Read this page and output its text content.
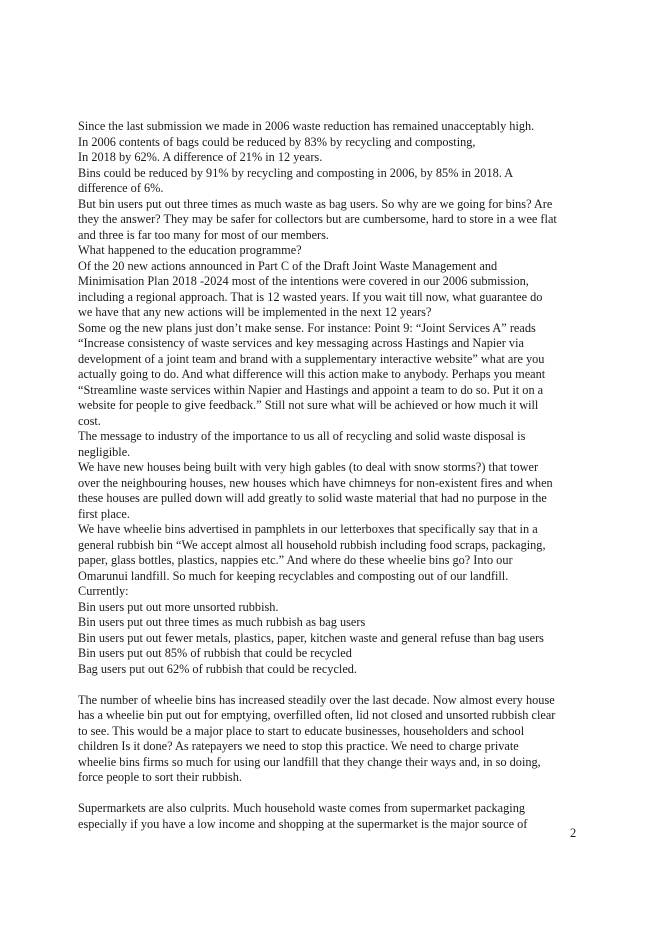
Since the last submission we made in 2006 waste reduction has remained unacceptably high.
In 2006 contents of bags could be reduced by 83% by recycling and composting,
In 2018 by 62%. A difference of 21% in 12 years.
Bins could be reduced by 91% by recycling and composting in 2006, by 85% in 2018. A
difference of 6%.
But bin users put out three times as much waste as bag users. So why are we going for bins? Are
they the answer? They may be safer for collectors but are cumbersome, hard to store in a wee flat
and three is far too many for most of our members.
What happened to the education programme?
Of the 20 new actions announced in Part C of the Draft Joint Waste Management and
Minimisation Plan 2018 -2024 most of the intentions were covered in our 2006 submission,
including a regional approach. That is 12 wasted years. If you wait till now, what guarantee do
we have that any new actions will be implemented in the next 12 years?
Some og the new plans just don’t make sense. For instance: Point 9: “Joint Services A” reads
“Increase consistency of waste services and key messaging across Hastings and Napier via
development of a joint team and brand with a supplementary interactive website” what are you
actually going to do. And what difference will this action make to anybody. Perhaps you meant
“Streamline waste services within Napier and Hastings and appoint a team to do so. Put it on a
website for people to give feedback.” Still not sure what will be achieved or how much it will
cost.
The message to industry of the importance to us all of recycling and solid waste disposal is
negligible.
We have new houses being built with very high gables (to deal with snow storms?) that tower
over the neighbouring houses, new houses which have chimneys for non-existent fires and when
these houses are pulled down will add greatly to solid waste material that had no purpose in the
first place.
We have wheelie bins advertised in pamphlets in our letterboxes that specifically say that in a
general rubbish bin “We accept almost all household rubbish including food scraps, packaging,
paper, glass bottles, plastics, nappies etc.” And where do these wheelie bins go? Into our
Omarunui landfill. So much for keeping recyclables and composting out of our landfill.
Currently:
Bin users put out more unsorted rubbish.
Bin users put out three times as much rubbish as bag users
Bin users put out fewer metals, plastics, paper, kitchen waste and general refuse than bag users
Bin users put out 85% of rubbish that could be recycled
Bag users put out 62% of rubbish that could be recycled.
The number of wheelie bins has increased steadily over the last decade. Now almost every house
has a wheelie bin put out for emptying, overfilled often, lid not closed and unsorted rubbish clear
to see. This would be a major place to start to educate businesses, householders and school
children Is it done? As ratepayers we need to stop this practice. We need to charge private
wheelie bins firms so much for using our landfill that they change their ways and, in so doing,
force people to sort their rubbish.
Supermarkets are also culprits. Much household waste comes from supermarket packaging
especially if you have a low income and shopping at the supermarket is the major source of
2
